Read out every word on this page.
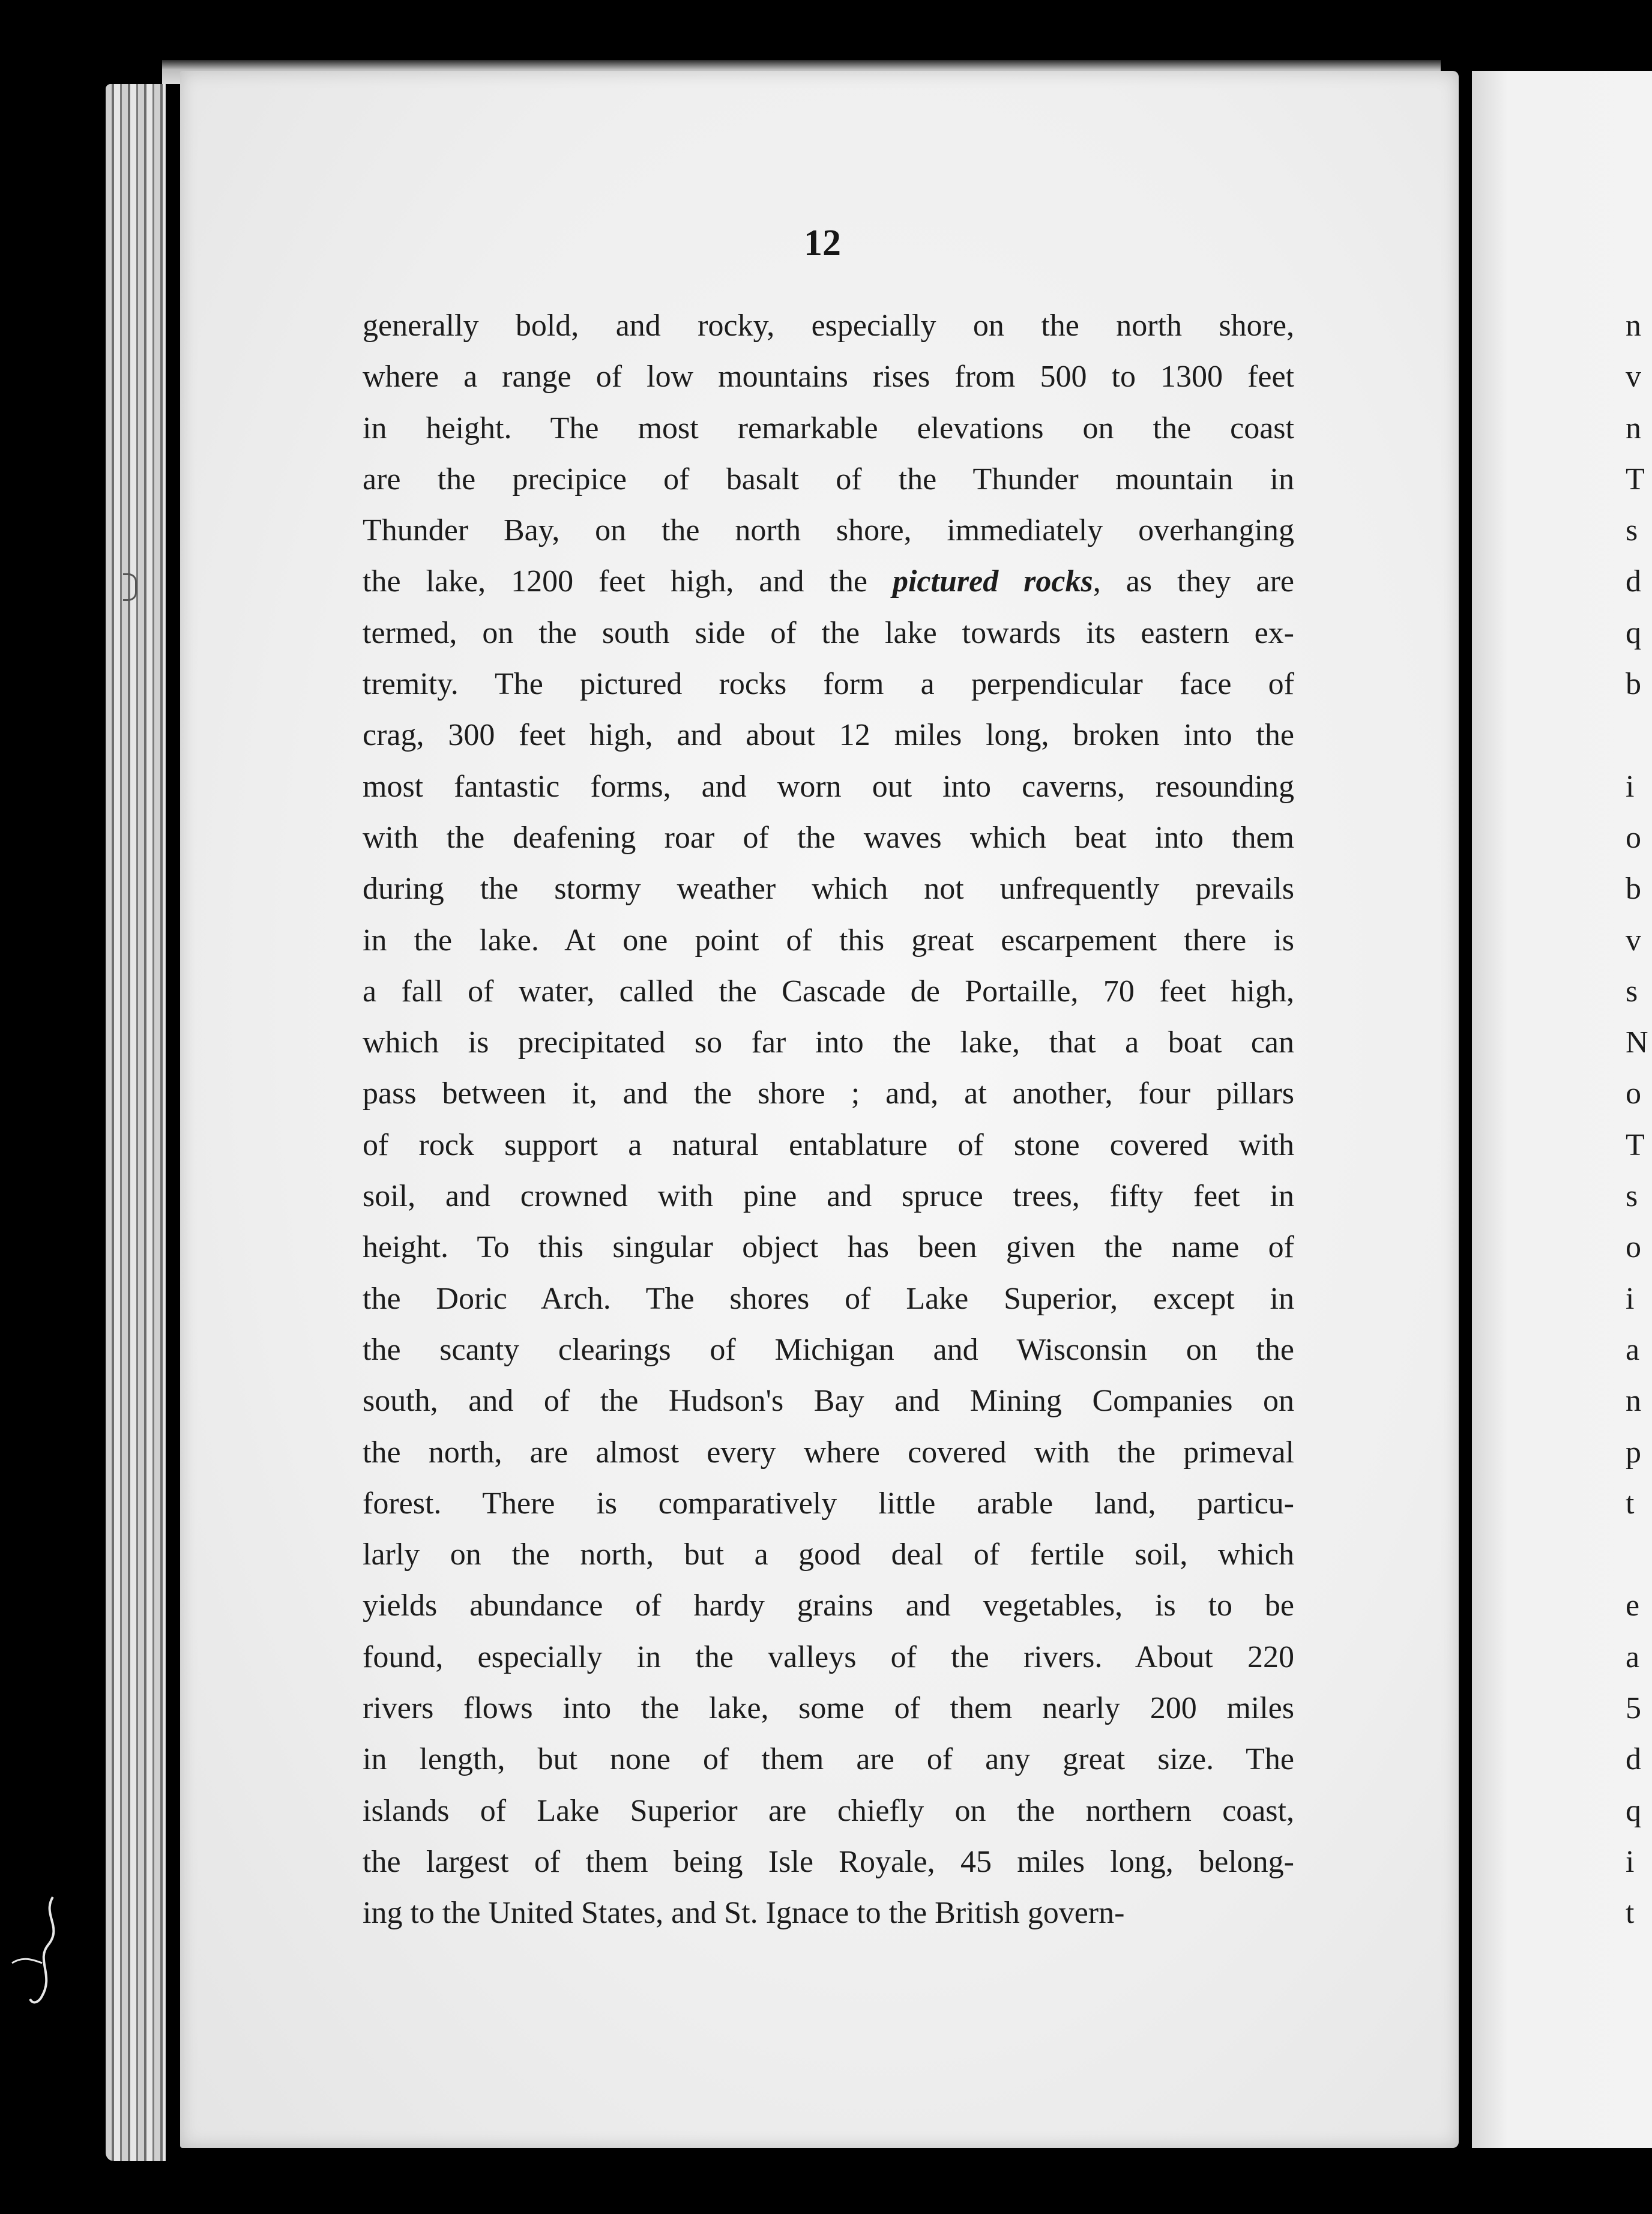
12
generally bold, and rocky, especially on the north shore,
where a range of low mountains rises from 500 to 1300 feet
in height. The most remarkable elevations on the coast
are the precipice of basalt of the Thunder mountain in
Thunder Bay, on the north shore, immediately overhanging
the lake, 1200 feet high, and the pictured rocks, as they are
termed, on the south side of the lake towards its eastern ex-
tremity. The pictured rocks form a perpendicular face of
crag, 300 feet high, and about 12 miles long, broken into the
most fantastic forms, and worn out into caverns, resounding
with the deafening roar of the waves which beat into them
during the stormy weather which not unfrequently prevails
in the lake. At one point of this great escarpement there is
a fall of water, called the Cascade de Portaille, 70 feet high,
which is precipitated so far into the lake, that a boat can
pass between it, and the shore ; and, at another, four pillars
of rock support a natural entablature of stone covered with
soil, and crowned with pine and spruce trees, fifty feet in
height. To this singular object has been given the name of
the Doric Arch. The shores of Lake Superior, except in
the scanty clearings of Michigan and Wisconsin on the
south, and of the Hudson's Bay and Mining Companies on
the north, are almost every where covered with the primeval
forest. There is comparatively little arable land, particu-
larly on the north, but a good deal of fertile soil, which
yields abundance of hardy grains and vegetables, is to be
found, especially in the valleys of the rivers. About 220
rivers flows into the lake, some of them nearly 200 miles
in length, but none of them are of any great size. The
islands of Lake Superior are chiefly on the northern coast,
the largest of them being Isle Royale, 45 miles long, belong-
ing to the United States, and St. Ignace to the British govern-
n
v
n
T
s
d
q
b
i
o
b
v
s
N
o
T
s
o
i
a
n
p
t
e
a
5
d
q
i
t
